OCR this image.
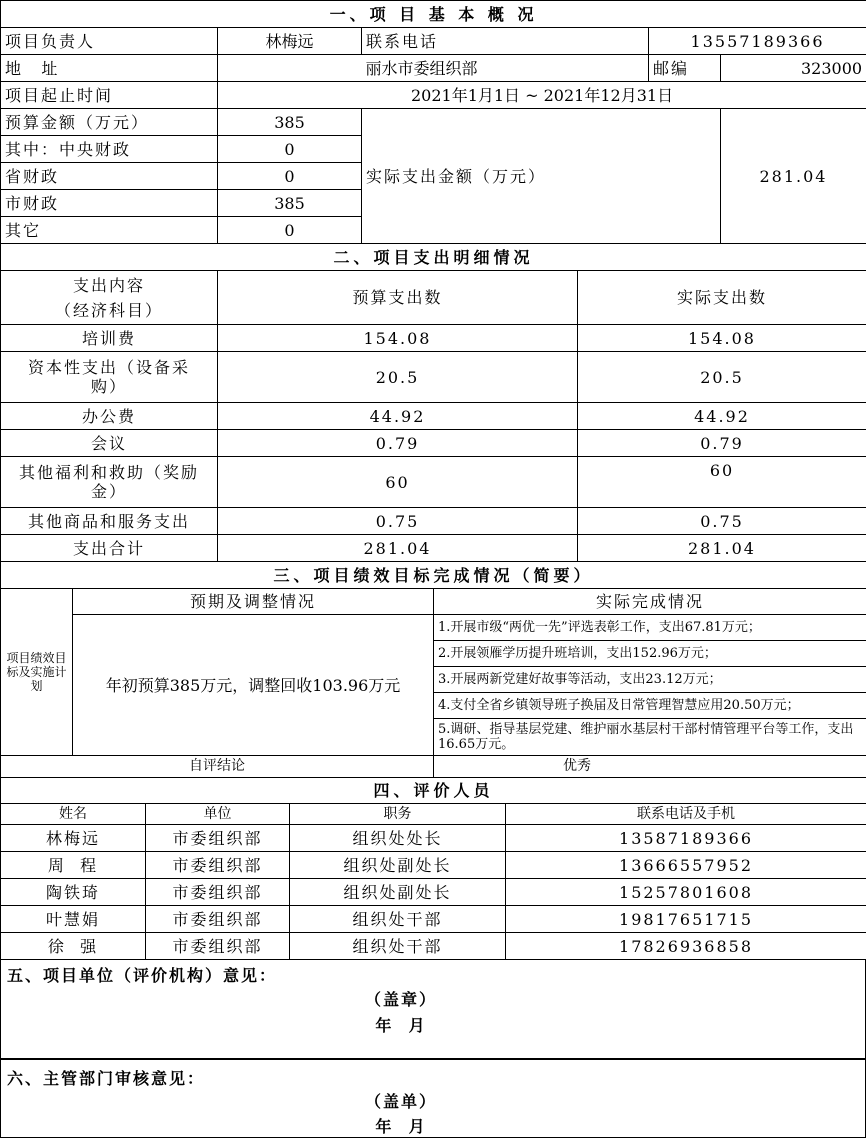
一、项 目 基 本 概 况				
项目负责人	林梅远	联系电话	13557189366	
地    址		丽水市委组织部	邮编	323000
项目起止时间	2021年1月1日 ~ 2021年12月31日			
预算金额（万元）	385	实际支出金额（万元）	281.04
其中：中央财政	0		
省财政	0		
市财政	385		
其它	0		
二、项目支出明细情况		

支出内容
（经济科目）	预算支出数	实际支出数
培训费	154.08	154.08
资本性支出（设备采购）	20.5	20.5
办公费	44.92	44.92
会议	0.79	0.79
其他福利和救助（奖励金）	60	60
其他商品和服务支出	0.75	0.75
支出合计	281.04	281.04
三、项目绩效目标完成情况（简要）		
项目绩效目标及实施计划	预期及调整情况	实际完成情况
	年初预算385万元，调整回收103.96万元	1.开展市级“两优一先”评选表彰工作，支出67.81万元；
		2.开展领雁学历提升班培训，支出152.96万元；
		3.开展两新党建好故事等活动，支出23.12万元；
		4.支付全省乡镇领导班子换届及日常管理智慧应用20.50万元；
		5.调研、指导基层党建、维护丽水基层村干部村情管理平台等工作，支出16.65万元。
自评结论	优秀
四、评价人员			
姓名	单位	职务	联系电话及手机
林梅远	市委组织部	组织处处长	13587189366
周  程	市委组织部	组织处副处长	13666557952
陶铁琦	市委组织部	组织处副处长	15257801608
叶慧娟	市委组织部	组织处干部	19817651715
徐  强	市委组织部	组织处干部	17826936858
五、项目单位（评价机构）意见：
（盖章）
年  月
六、主管部门审核意见：
（盖单）
年  月
